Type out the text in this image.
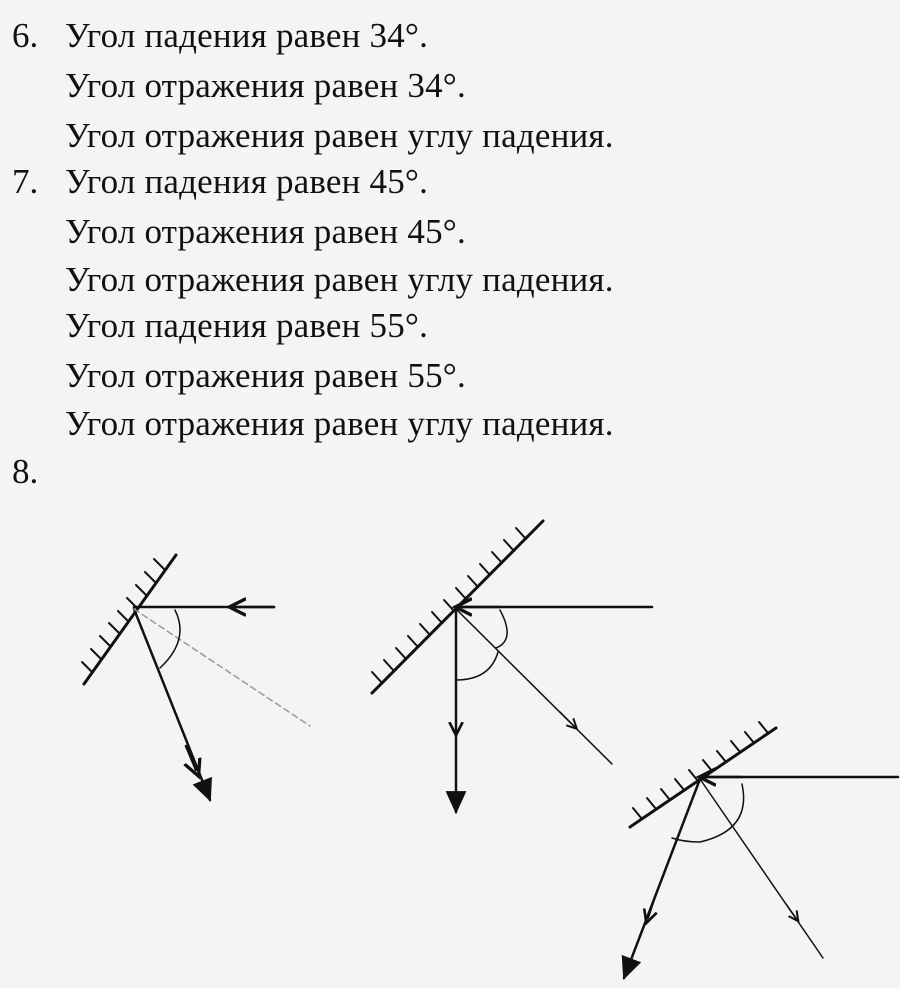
6. Угол падения равен 34°.
Угол отражения равен 34°.
Угол отражения равен углу падения.
7. Угол падения равен 45°.
Угол отражения равен 45°.
Угол отражения равен углу падения.
Угол падения равен 55°.
Угол отражения равен 55°.
Угол отражения равен углу падения.
8.
